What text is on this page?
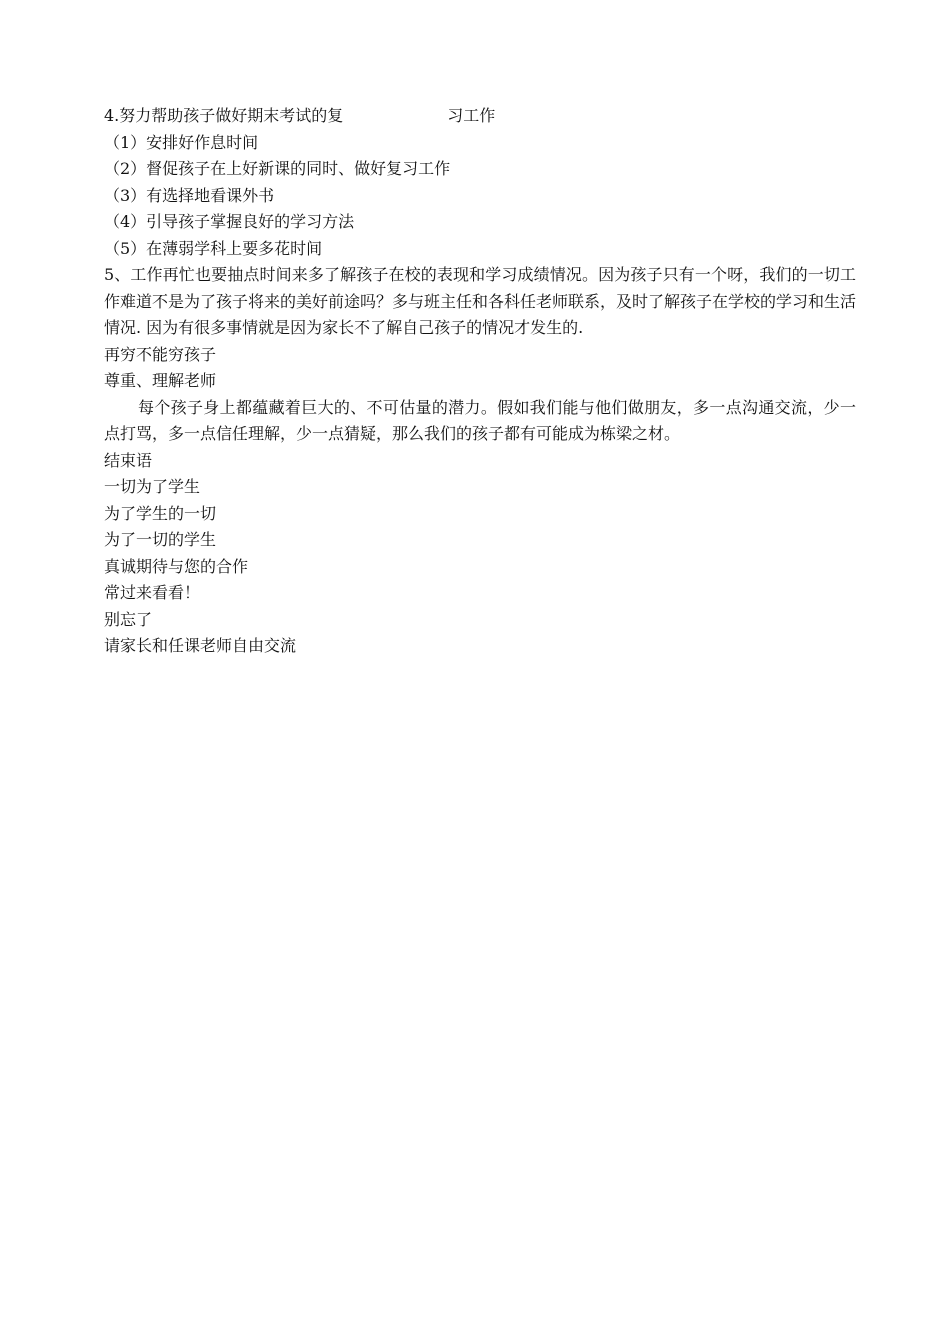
4.努力帮助孩子做好期末考试的复	习工作
（1）安排好作息时间
（2）督促孩子在上好新课的同时、做好复习工作
（3）有选择地看课外书
（4）引导孩子掌握良好的学习方法
（5）在薄弱学科上要多花时间
5、工作再忙也要抽点时间来多了解孩子在校的表现和学习成绩情况。因为孩子只有一个呀，我们的一切工作难道不是为了孩子将来的美好前途吗？多与班主任和各科任老师联系，及时了解孩子在学校的学习和生活情况. 因为有很多事情就是因为家长不了解自己孩子的情况才发生的.
再穷不能穷孩子
尊重、理解老师
每个孩子身上都蕴藏着巨大的、不可估量的潜力。假如我们能与他们做朋友，多一点沟通交流，少一点打骂，多一点信任理解，少一点猜疑，那么我们的孩子都有可能成为栋梁之材。
结束语
一切为了学生
为了学生的一切
为了一切的学生
真诚期待与您的合作
常过来看看！
别忘了
请家长和任课老师自由交流
